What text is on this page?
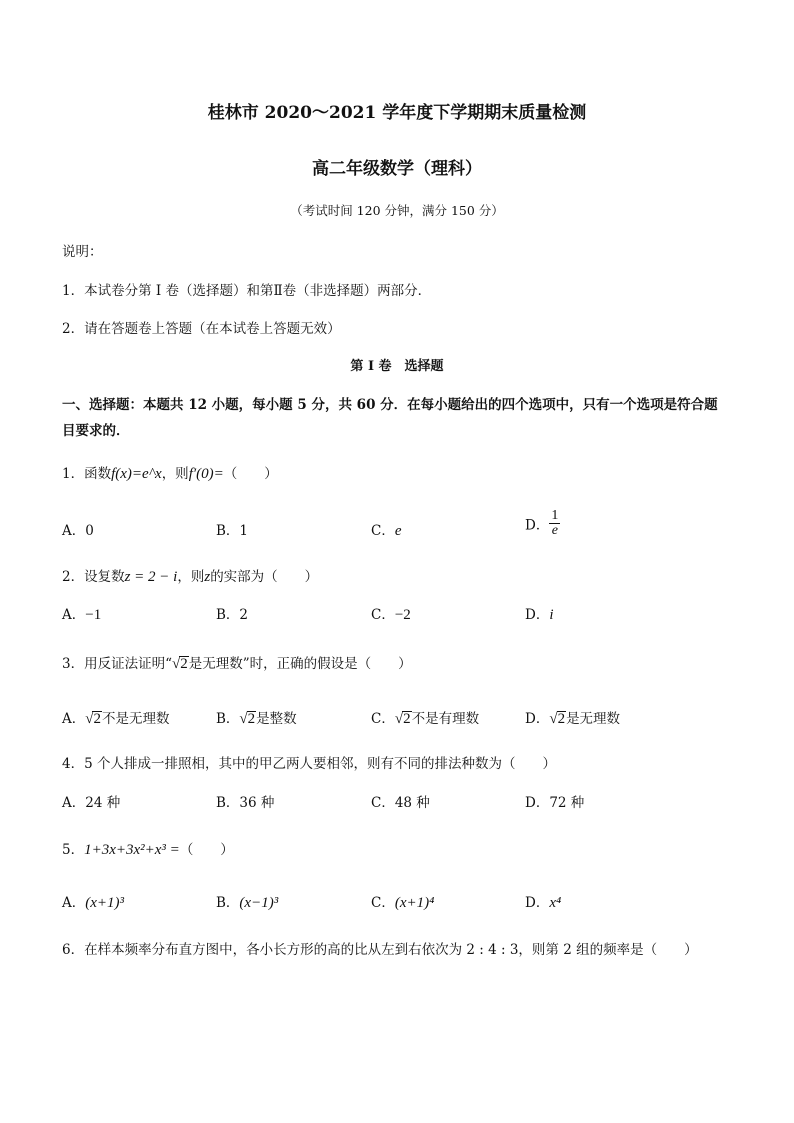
桂林市 2020～2021 学年度下学期期末质量检测
高二年级数学（理科）
（考试时间 120 分钟，满分 150 分）
说明：
1．本试卷分第 I 卷（选择题）和第Ⅱ卷（非选择题）两部分．
2．请在答题卷上答题（在本试卷上答题无效）
第 I 卷　选择题
一、选择题：本题共 12 小题，每小题 5 分，共 60 分．在每小题给出的四个选项中，只有一个选项是符合题
目要求的．
1．函数f(x)=e^x，则f′(0)=（　　）
A．0	B．1	C．e	D． $\frac{1}{e}$
2．设复数z = 2 − i，则z的实部为（　　）
A．−1	B．2	C．−2	D．i
3．用反证法证明“√2是无理数”时，正确的假设是（　　）
A．√2不是无理数	B．√2是整数	C．√2不是有理数	D．√2是无理数
4．5 个人排成一排照相，其中的甲乙两人要相邻，则有不同的排法种数为（　　）
A．24 种	B．36 种	C．48 种	D．72 种
5．1+3x+3x²+x³ =（　　）
A．(x+1)³	B．(x−1)³	C．(x+1)⁴	D．x⁴
6．在样本频率分布直方图中，各小长方形的高的比从左到右依次为 2 : 4 : 3，则第 2 组的频率是（　　）
